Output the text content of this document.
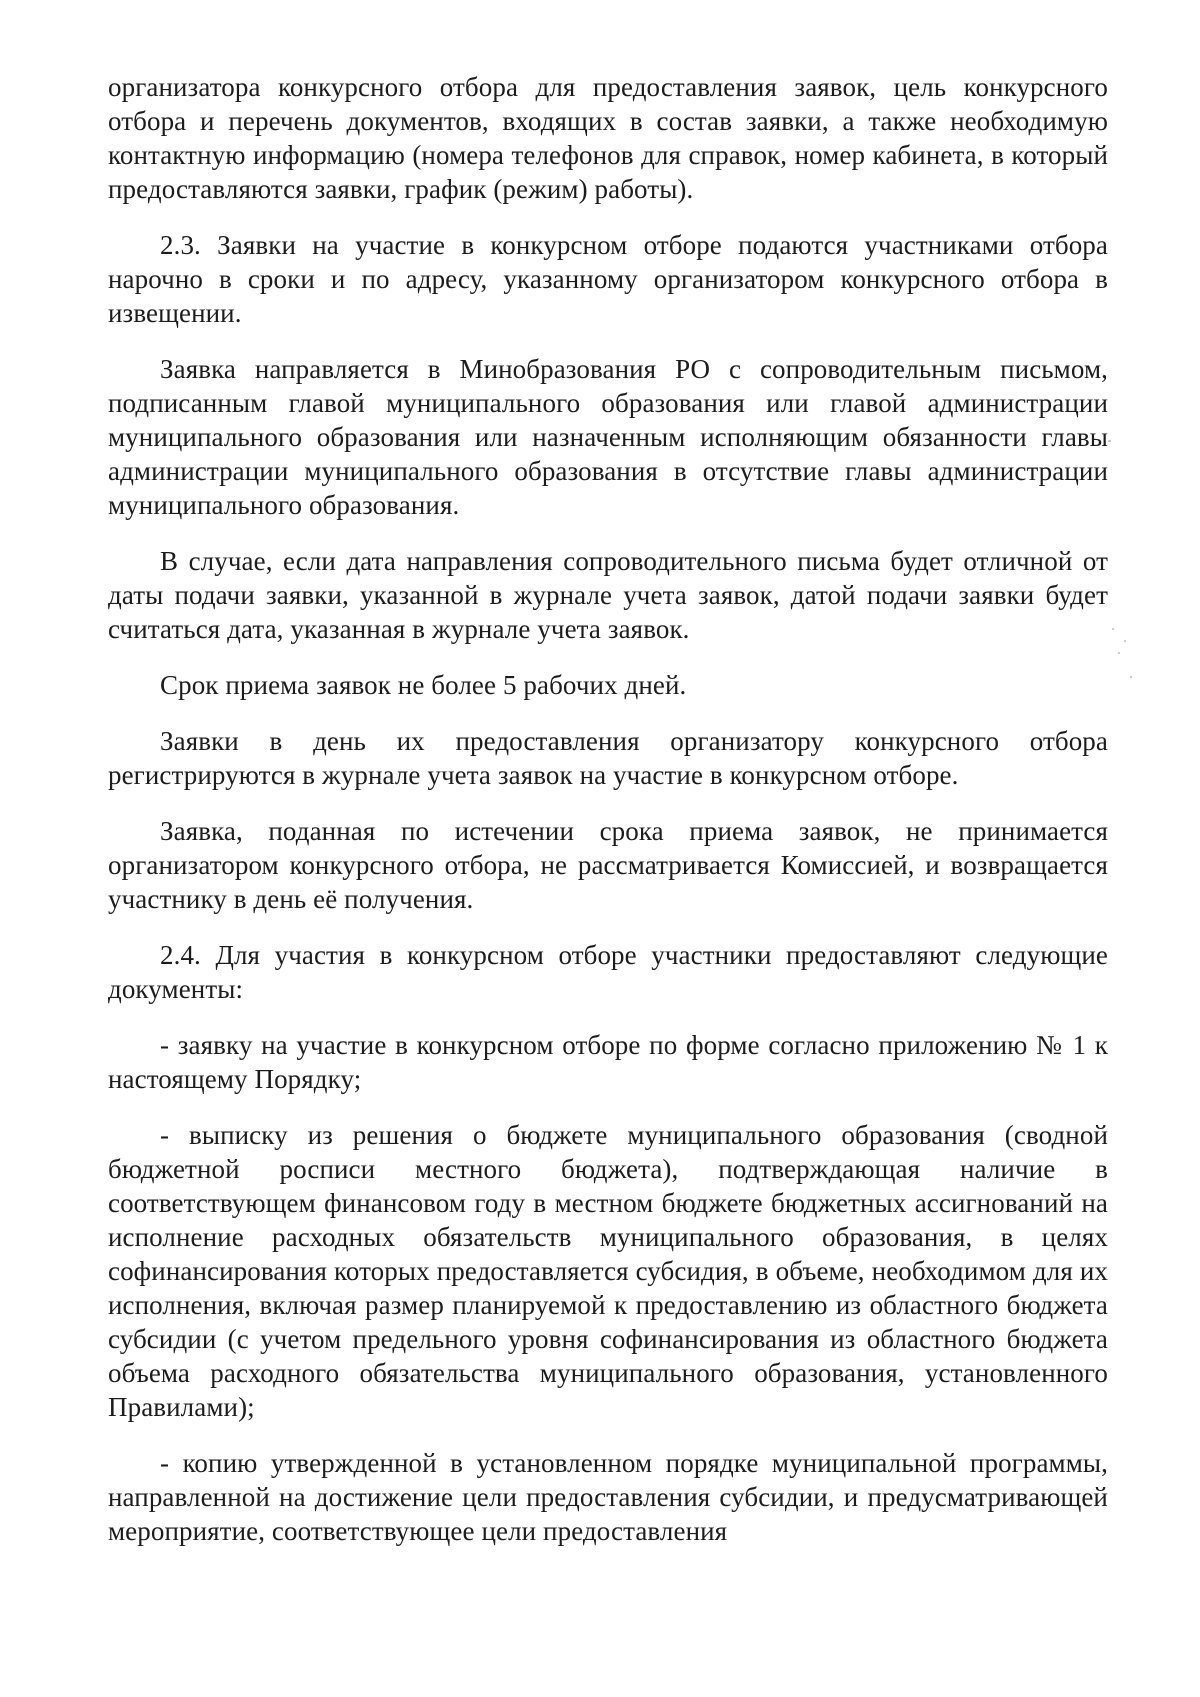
организатора конкурсного отбора для предоставления заявок, цель конкурсного отбора и перечень документов, входящих в состав заявки, а также необходимую контактную информацию (номера телефонов для справок, номер кабинета, в который предоставляются заявки, график (режим) работы).

2.3. Заявки на участие в конкурсном отборе подаются участниками отбора нарочно в сроки и по адресу, указанному организатором конкурсного отбора в извещении.

Заявка направляется в Минобразования РО с сопроводительным письмом, подписанным главой муниципального образования или главой администрации муниципального образования или назначенным исполняющим обязанности главы администрации муниципального образования в отсутствие главы администрации муниципального образования.

В случае, если дата направления сопроводительного письма будет отличной от даты подачи заявки, указанной в журнале учета заявок, датой подачи заявки будет считаться дата, указанная в журнале учета заявок.

Срок приема заявок не более 5 рабочих дней.

Заявки в день их предоставления организатору конкурсного отбора регистрируются в журнале учета заявок на участие в конкурсном отборе.

Заявка, поданная по истечении срока приема заявок, не принимается организатором конкурсного отбора, не рассматривается Комиссией, и возвращается участнику в день её получения.

2.4. Для участия в конкурсном отборе участники предоставляют следующие документы:

- заявку на участие в конкурсном отборе по форме согласно приложению № 1 к настоящему Порядку;

- выписку из решения о бюджете муниципального образования (сводной бюджетной росписи местного бюджета), подтверждающая наличие в соответствующем финансовом году в местном бюджете бюджетных ассигнований на исполнение расходных обязательств муниципального образования, в целях софинансирования которых предоставляется субсидия, в объеме, необходимом для их исполнения, включая размер планируемой к предоставлению из областного бюджета субсидии (с учетом предельного уровня софинансирования из областного бюджета объема расходного обязательства муниципального образования, установленного Правилами);

- копию утвержденной в установленном порядке муниципальной программы, направленной на достижение цели предоставления субсидии, и предусматривающей мероприятие, соответствующее цели предоставления
